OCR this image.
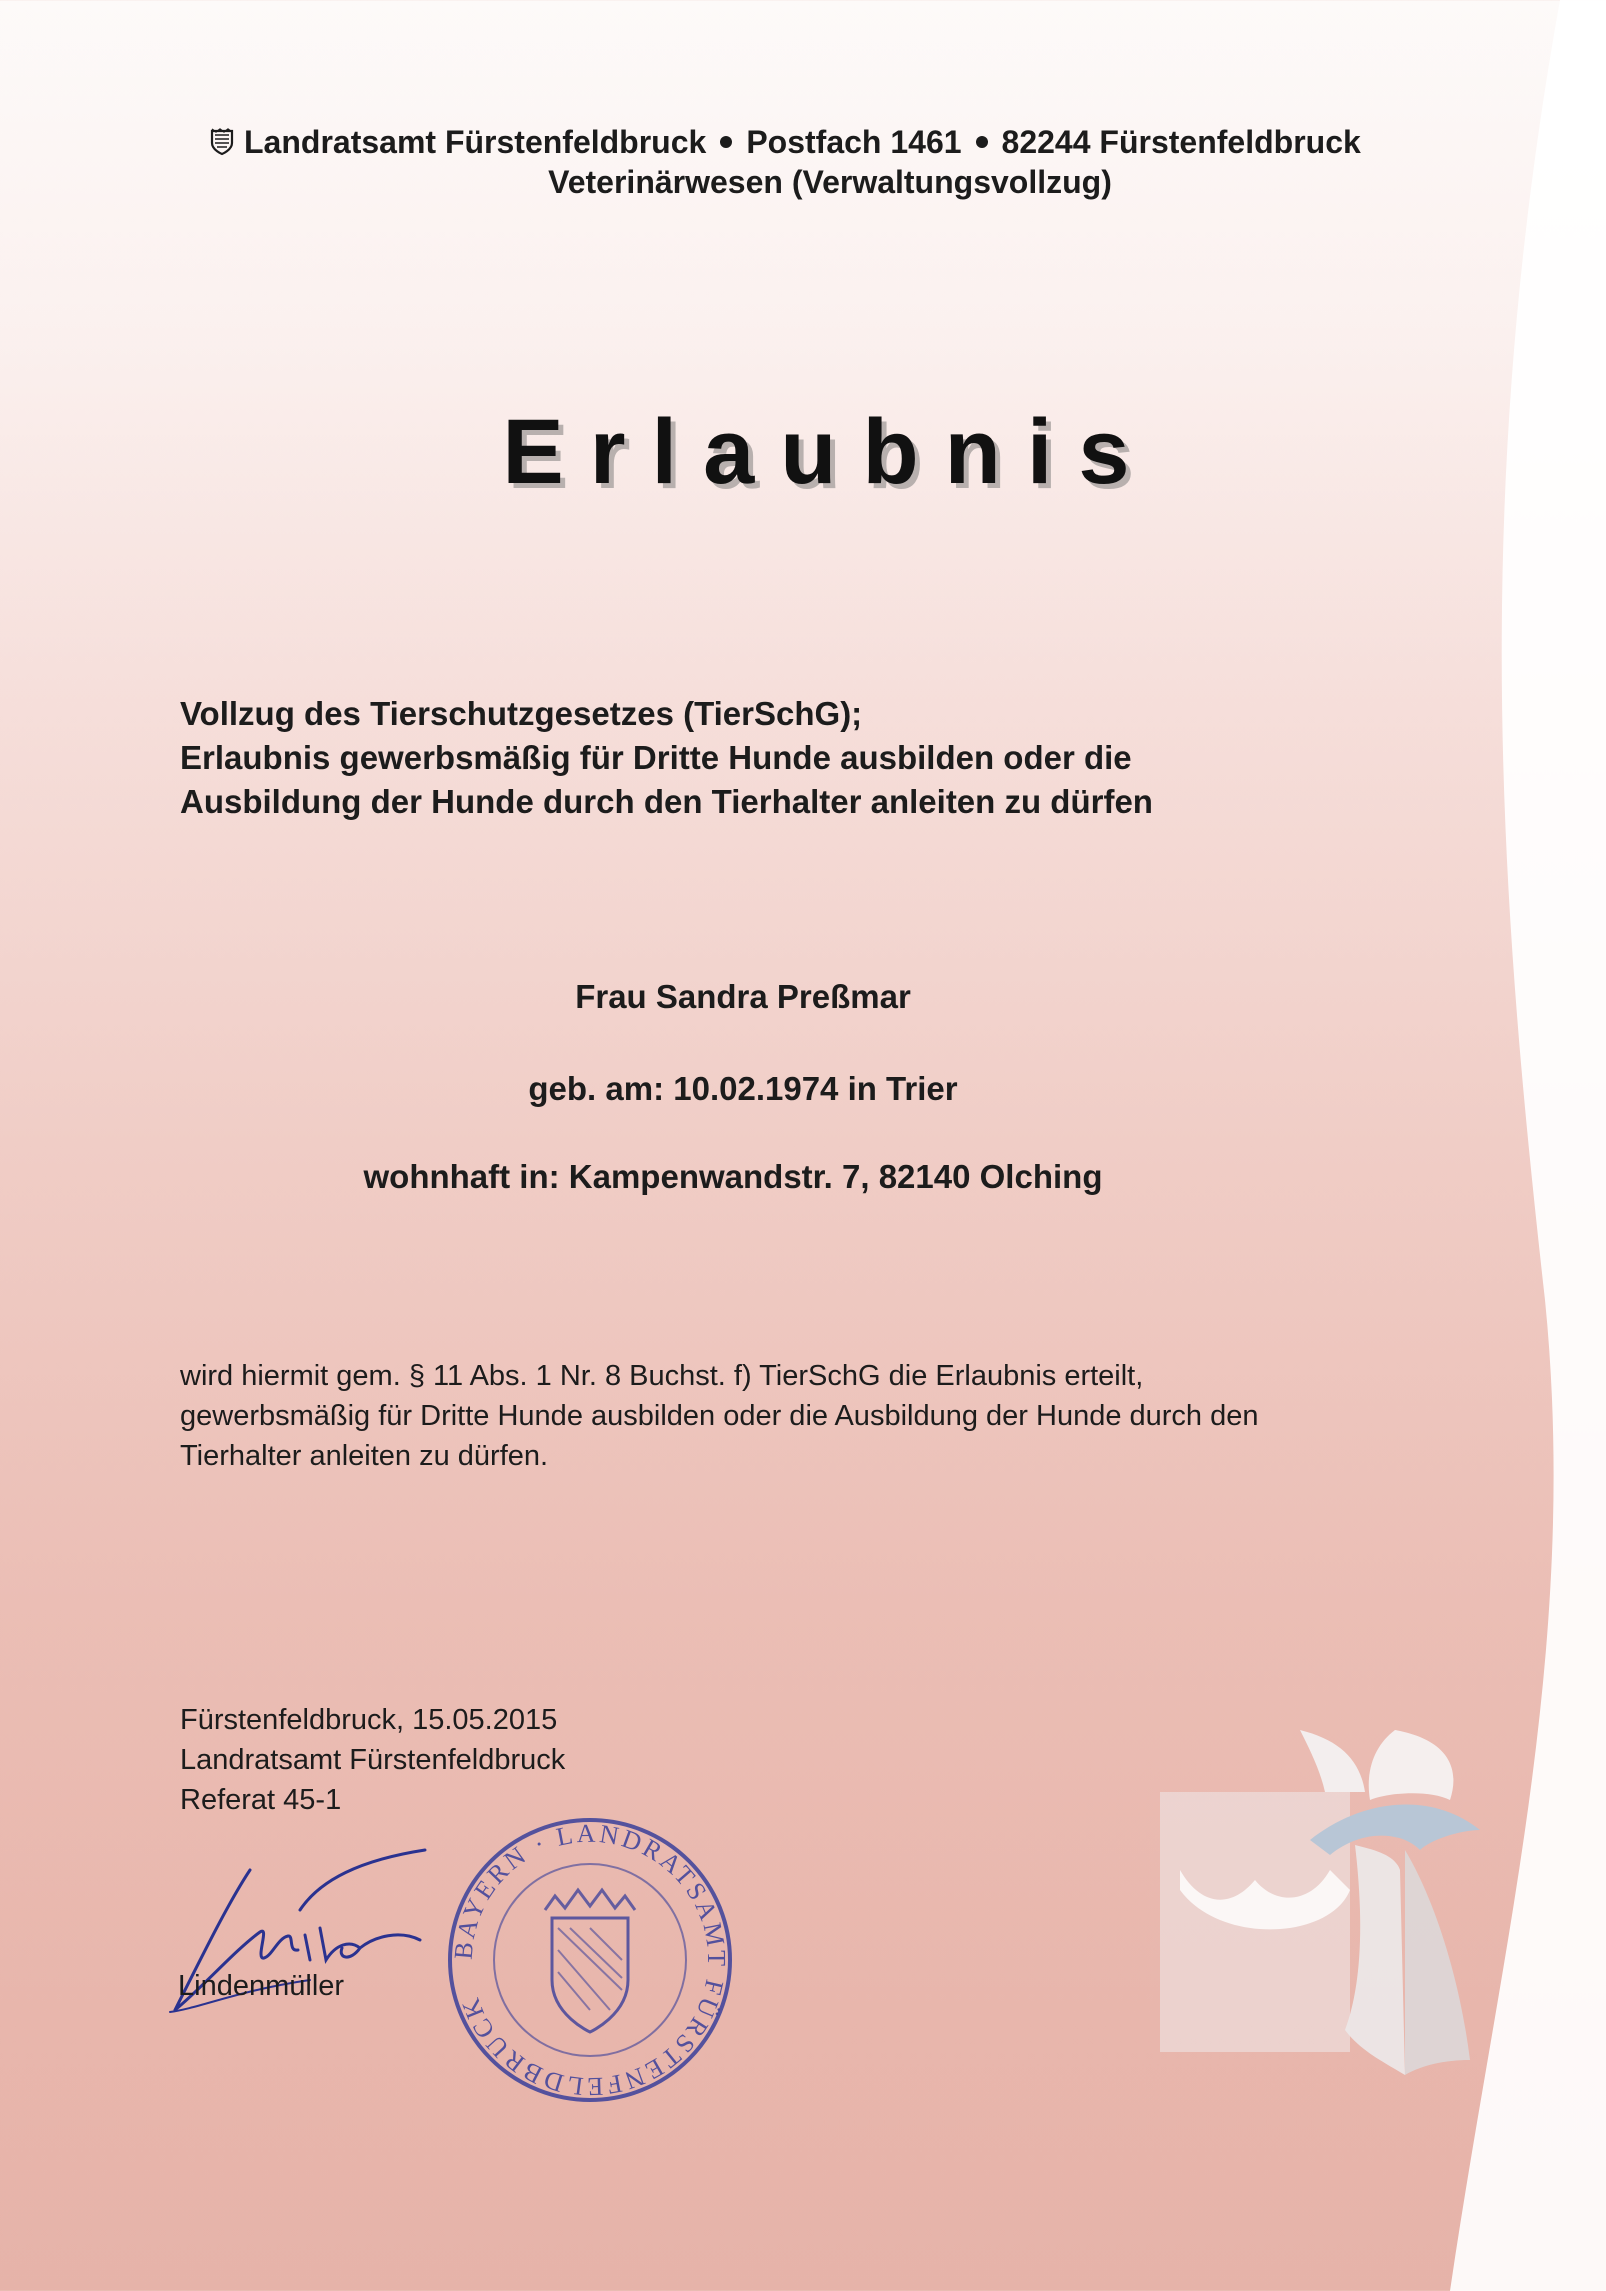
Landratsamt Fürstenfeldbruck Postfach 1461 82244 Fürstenfeldbruck
Veterinärwesen (Verwaltungsvollzug)
Erlaubnis
Vollzug des Tierschutzgesetzes (TierSchG);
Erlaubnis gewerbsmäßig für Dritte Hunde ausbilden oder die
Ausbildung der Hunde durch den Tierhalter anleiten zu dürfen
Frau Sandra Preßmar
geb. am: 10.02.1974 in Trier
wohnhaft in: Kampenwandstr. 7, 82140 Olching
wird hiermit gem. § 11 Abs. 1 Nr. 8 Buchst. f) TierSchG die Erlaubnis erteilt,
gewerbsmäßig für Dritte Hunde ausbilden oder die Ausbildung der Hunde durch den
Tierhalter anleiten zu dürfen.
Fürstenfeldbruck, 15.05.2015
Landratsamt Fürstenfeldbruck
Referat 45-1
Lindenmüller
BAYERN · LANDRATSAMT FÜRSTENFELDBRUCK
